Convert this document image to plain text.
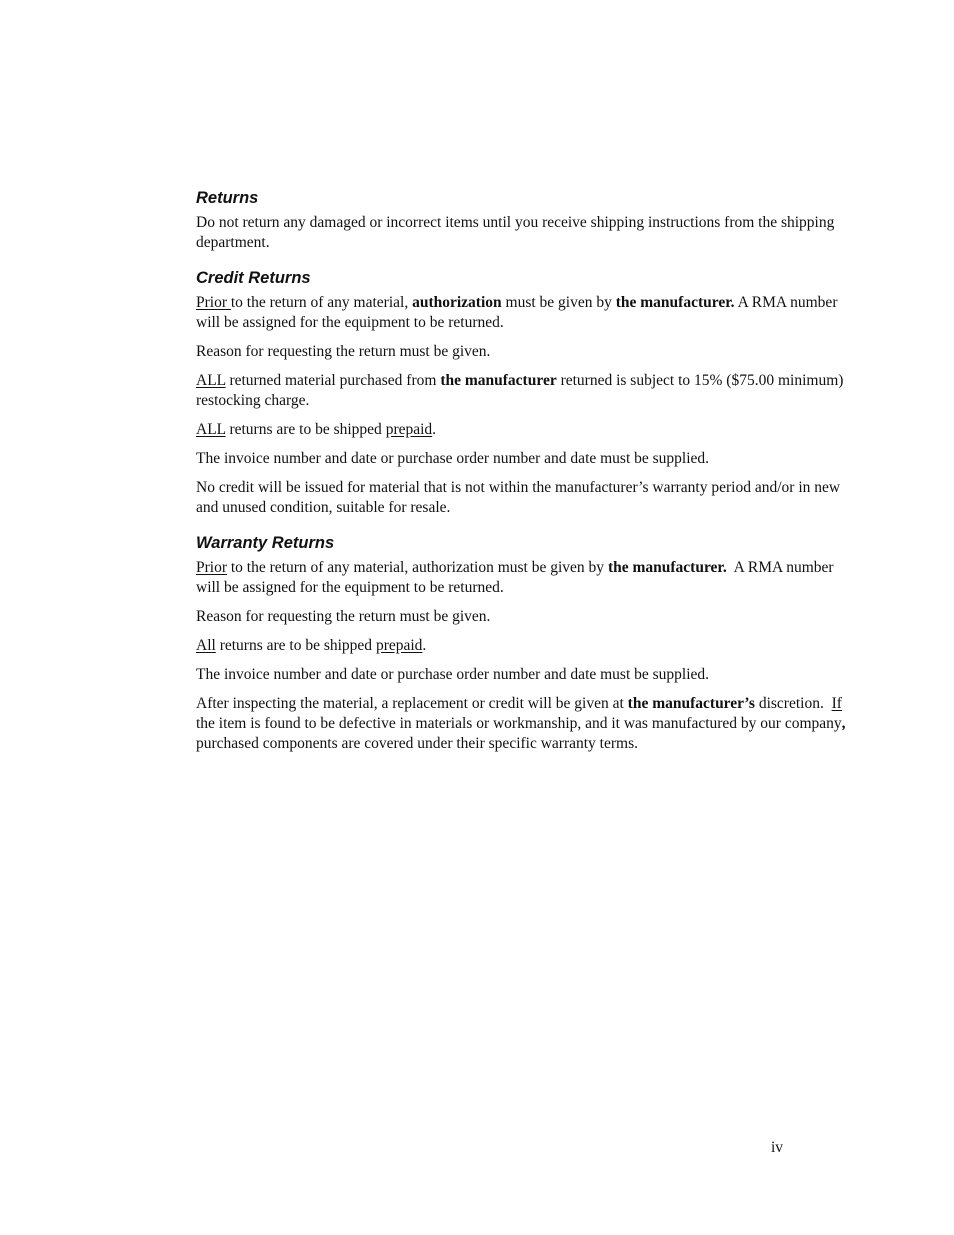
Returns

Do not return any damaged or incorrect items until you receive shipping instructions from the shipping department.

Credit Returns

Prior to the return of any material, authorization must be given by the manufacturer. A RMA number will be assigned for the equipment to be returned.

Reason for requesting the return must be given.

ALL returned material purchased from the manufacturer returned is subject to 15% ($75.00 minimum) restocking charge.

ALL returns are to be shipped prepaid.

The invoice number and date or purchase order number and date must be supplied.

No credit will be issued for material that is not within the manufacturer’s warranty period and/or in new and unused condition, suitable for resale.

Warranty Returns

Prior to the return of any material, authorization must be given by the manufacturer.  A RMA number will be assigned for the equipment to be returned.

Reason for requesting the return must be given.

All returns are to be shipped prepaid.

The invoice number and date or purchase order number and date must be supplied.

After inspecting the material, a replacement or credit will be given at the manufacturer’s discretion.  If the item is found to be defective in materials or workmanship, and it was manufactured by our company, purchased components are covered under their specific warranty terms.

iv
